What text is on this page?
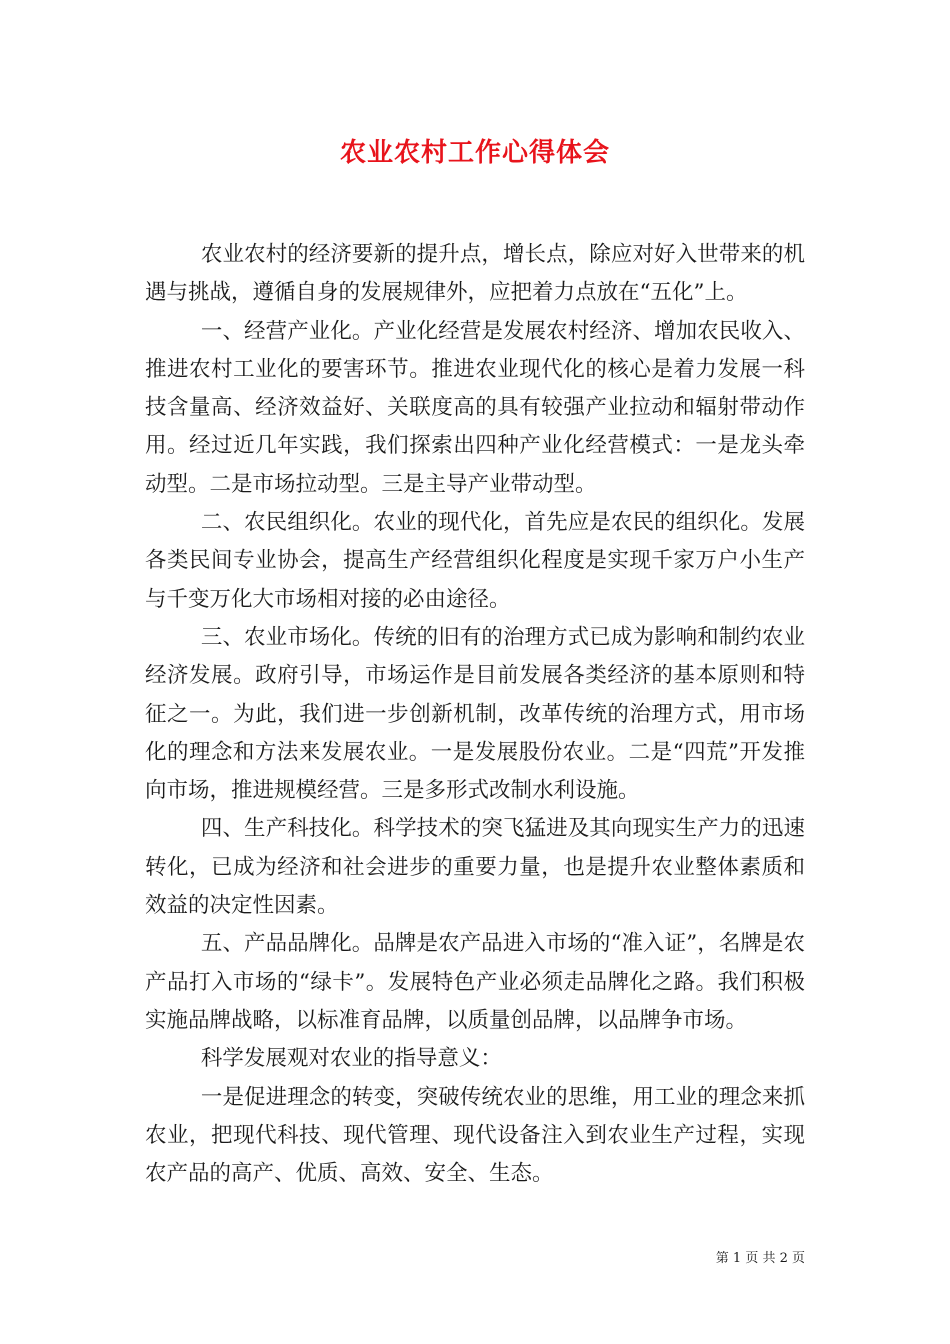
农业农村工作心得体会

农业农村的经济要新的提升点，增长点，除应对好入世带来的机遇与挑战，遵循自身的发展规律外，应把着力点放在“五化”上。

一、经营产业化。产业化经营是发展农村经济、增加农民收入、推进农村工业化的要害环节。推进农业现代化的核心是着力发展一科技含量高、经济效益好、关联度高的具有较强产业拉动和辐射带动作用。经过近几年实践，我们探索出四种产业化经营模式：一是龙头牵动型。二是市场拉动型。三是主导产业带动型。

二、农民组织化。农业的现代化，首先应是农民的组织化。发展各类民间专业协会，提高生产经营组织化程度是实现千家万户小生产与千变万化大市场相对接的必由途径。

三、农业市场化。传统的旧有的治理方式已成为影响和制约农业经济发展。政府引导，市场运作是目前发展各类经济的基本原则和特征之一。为此，我们进一步创新机制，改革传统的治理方式，用市场化的理念和方法来发展农业。一是发展股份农业。二是“四荒”开发推向市场，推进规模经营。三是多形式改制水利设施。

四、生产科技化。科学技术的突飞猛进及其向现实生产力的迅速转化，已成为经济和社会进步的重要力量，也是提升农业整体素质和效益的决定性因素。

五、产品品牌化。品牌是农产品进入市场的“准入证”，名牌是农产品打入市场的“绿卡”。发展特色产业必须走品牌化之路。我们积极实施品牌战略，以标准育品牌，以质量创品牌，以品牌争市场。

科学发展观对农业的指导意义：

一是促进理念的转变，突破传统农业的思维，用工业的理念来抓农业，把现代科技、现代管理、现代设备注入到农业生产过程，实现农产品的高产、优质、高效、安全、生态。

第 1 页 共 2 页
